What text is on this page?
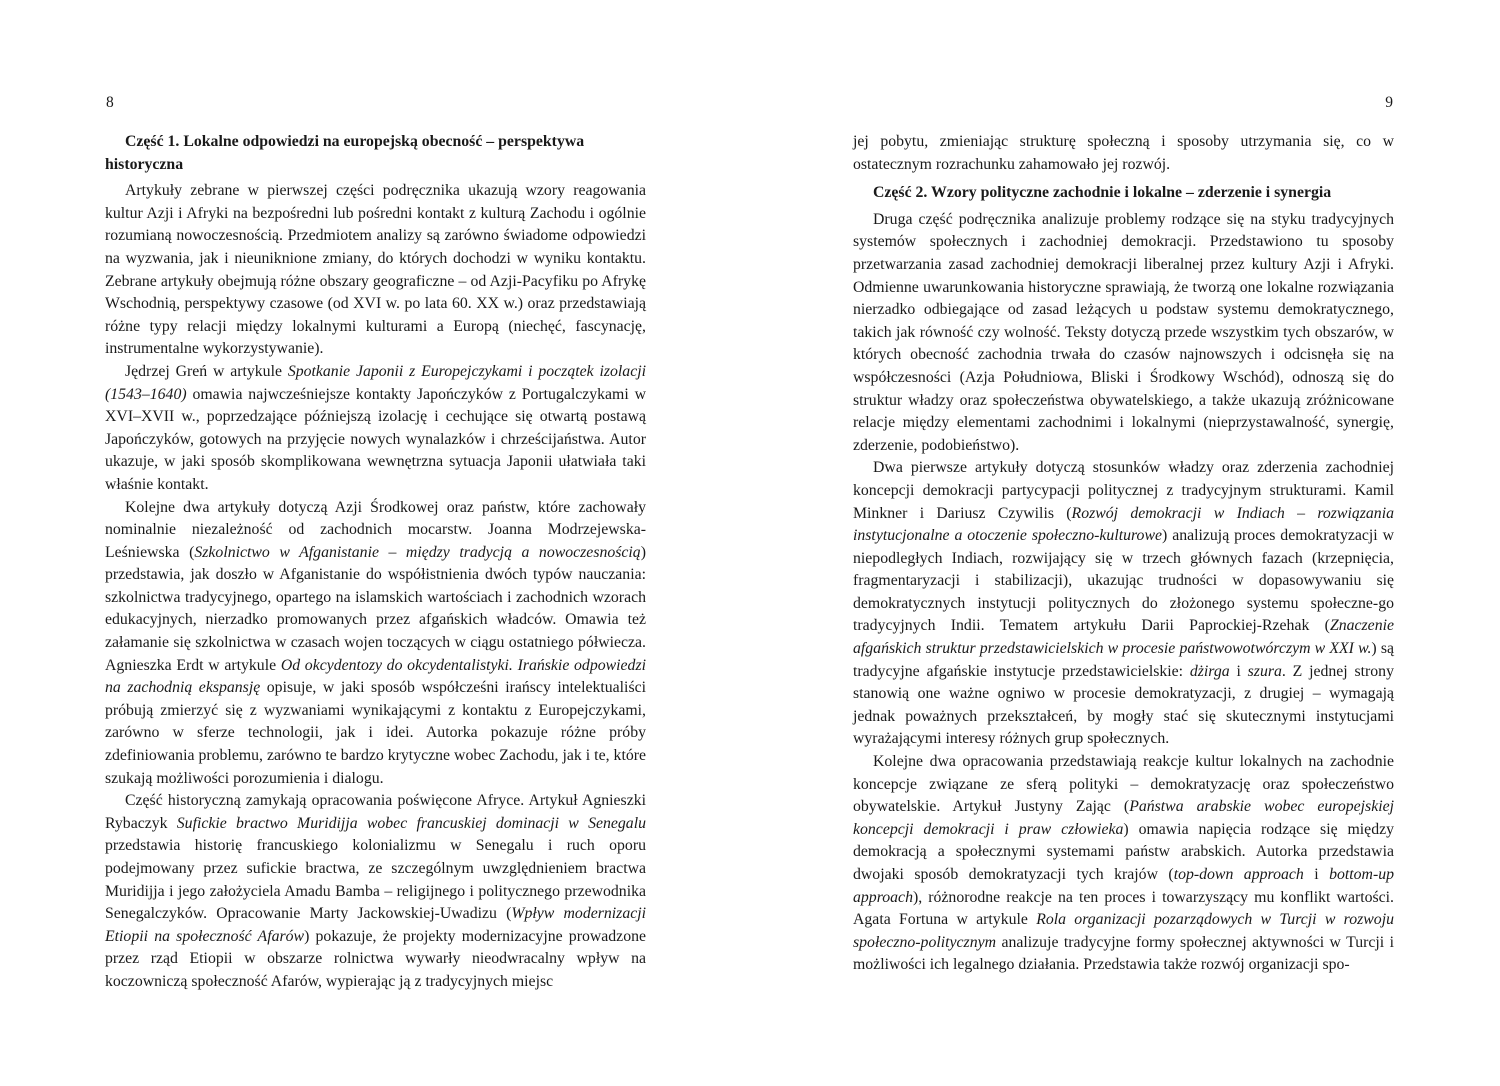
8
Część 1. Lokalne odpowiedzi na europejską obecność – perspektywa historyczna

Artykuły zebrane w pierwszej części podręcznika ukazują wzory reagowania kultur Azji i Afryki na bezpośredni lub pośredni kontakt z kulturą Zachodu i ogólnie rozumianą nowoczesnością. Przedmiotem analizy są zarówno świadome odpowiedzi na wyzwania, jak i nieuniknione zmiany, do których dochodzi w wyniku kontaktu. Zebrane artykuły obejmują różne obszary geograficzne – od Azji-Pacyfiku po Afrykę Wschodnią, perspektywy czasowe (od XVI w. po lata 60. XX w.) oraz przedstawiają różne typy relacji między lokalnymi kulturami a Europą (niechęć, fascynację, instrumentalne wykorzystywanie).

Jędrzej Greń w artykule Spotkanie Japonii z Europejczykami i początek izolacji (1543–1640) omawia najwcześniejsze kontakty Japończyków z Portugalczykami w XVI–XVII w., poprzedzające późniejszą izolację i cechujące się otwartą postawą Japończyków, gotowych na przyjęcie nowych wynalazków i chrześcijaństwa. Autor ukazuje, w jaki sposób skomplikowana wewnętrzna sytuacja Japonii ułatwiała taki właśnie kontakt.

Kolejne dwa artykuły dotyczą Azji Środkowej oraz państw, które zachowały nominalnie niezależność od zachodnich mocarstw. Joanna Modrzejewska-Leśniewska (Szkolnictwo w Afganistanie – między tradycją a nowoczesnością) przedstawia, jak doszło w Afganistanie do współistnienia dwóch typów nauczania: szkolnictwa tradycyjnego, opartego na islamskich wartościach i zachodnich wzorach edukacyjnych, nierzadko promowanych przez afgańskich władców. Omawia też załamanie się szkolnictwa w czasach wojen toczących w ciągu ostatniego półwiecza. Agnieszka Erdt w artykule Od okcydentozy do okcydentalistyki. Irańskie odpowiedzi na zachodnią ekspansję opisuje, w jaki sposób współcześni irańscy intelektualiści próbują zmierzyć się z wyzwaniami wynikającymi z kontaktu z Europejczykami, zarówno w sferze technologii, jak i idei. Autorka pokazuje różne próby zdefiniowania problemu, zarówno te bardzo krytyczne wobec Zachodu, jak i te, które szukają możliwości porozumienia i dialogu.

Część historyczną zamykają opracowania poświęcone Afryce. Artykuł Agnieszki Rybaczyk Sufickie bractwo Muridijja wobec francuskiej dominacji w Senegalu przedstawia historię francuskiego kolonializmu w Senegalu i ruch oporu podejmowany przez sufickie bractwa, ze szczególnym uwzględnieniem bractwa Muridijja i jego założyciela Amadu Bamba – religijnego i politycznego przewodnika Senegalczyków. Opracowanie Marty Jackowskiej-Uwadizu (Wpływ modernizacji Etiopii na społeczność Afarów) pokazuje, że projekty modernizacyjne prowadzone przez rząd Etiopii w obszarze rolnictwa wywarły nieodwracalny wpływ na koczowniczą społeczność Afarów, wypierając ją z tradycyjnych miejsc

9

jej pobytu, zmieniając strukturę społeczną i sposoby utrzymania się, co w ostatecznym rozrachunku zahamowało jej rozwój.

Część 2. Wzory polityczne zachodnie i lokalne – zderzenie i synergia

Druga część podręcznika analizuje problemy rodzące się na styku tradycyjnych systemów społecznych i zachodniej demokracji. Przedstawiono tu sposoby przetwarzania zasad zachodniej demokracji liberalnej przez kultury Azji i Afryki. Odmienne uwarunkowania historyczne sprawiają, że tworzą one lokalne rozwiązania nierzadko odbiegające od zasad leżących u podstaw systemu demokratycznego, takich jak równość czy wolność. Teksty dotyczą przede wszystkim tych obszarów, w których obecność zachodnia trwała do czasów najnowszych i odcisnęła się na współczesności (Azja Południowa, Bliski i Środkowy Wschód), odnoszą się do struktur władzy oraz społeczeństwa obywatelskiego, a także ukazują zróżnicowane relacje między elementami zachodnimi i lokalnymi (nieprzystawalność, synergię, zderzenie, podobieństwo).

Dwa pierwsze artykuły dotyczą stosunków władzy oraz zderzenia zachodniej koncepcji demokracji partycypacji politycznej z tradycyjnym strukturami. Kamil Minkner i Dariusz Czywilis (Rozwój demokracji w Indiach – rozwiązania instytucjonalne a otoczenie społeczno-kulturowe) analizują proces demokratyzacji w niepodległych Indiach, rozwijający się w trzech głównych fazach (krzepnięcia, fragmentaryzacji i stabilizacji), ukazując trudności w dopasowywaniu się demokratycznych instytucji politycznych do złożonego systemu społeczne-go tradycyjnych Indii. Tematem artykułu Darii Paprockiej-Rzehak (Znaczenie afgańskich struktur przedstawicielskich w procesie państwowotwórczym w XXI w.) są tradycyjne afgańskie instytucje przedstawicielskie: dżirga i szura. Z jednej strony stanowią one ważne ogniwo w procesie demokratyzacji, z drugiej – wymagają jednak poważnych przekształceń, by mogły stać się skutecznymi instytucjami wyrażającymi interesy różnych grup społecznych.

Kolejne dwa opracowania przedstawiają reakcje kultur lokalnych na zachodnie koncepcje związane ze sferą polityki – demokratyzację oraz społeczeństwo obywatelskie. Artykuł Justyny Zając (Państwa arabskie wobec europejskiej koncepcji demokracji i praw człowieka) omawia napięcia rodzące się między demokracją a społecznymi systemami państw arabskich. Autorka przedstawia dwojaki sposób demokratyzacji tych krajów (top-down approach i bottom-up approach), różnorodne reakcje na ten proces i towarzyszący mu konflikt wartości. Agata Fortuna w artykule Rola organizacji pozarządowych w Turcji w rozwoju społeczno-politycznym analizuje tradycyjne formy społecznej aktywności w Turcji i możliwości ich legalnego działania. Przedstawia także rozwój organizacji spo-
